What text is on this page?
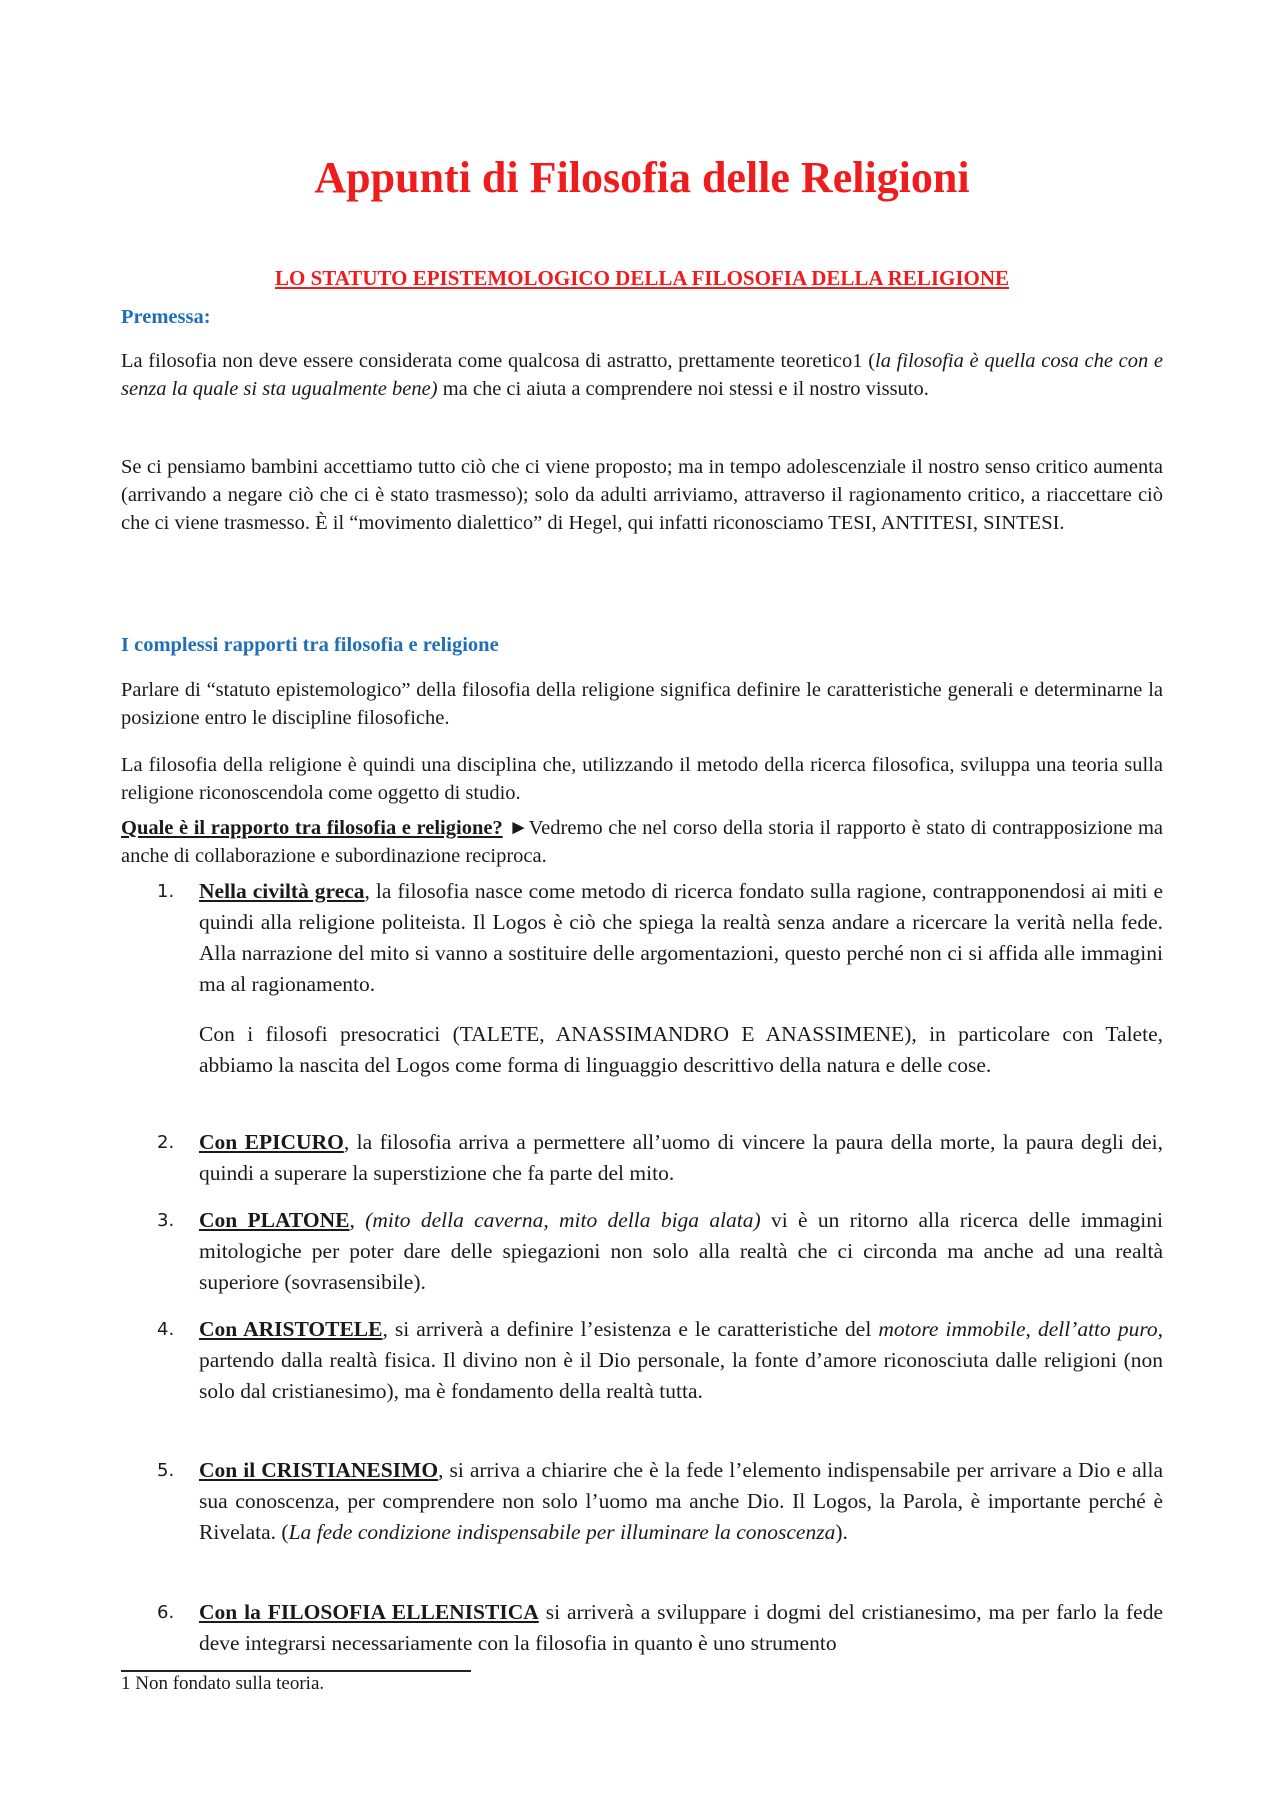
Appunti di Filosofia delle Religioni
LO STATUTO EPISTEMOLOGICO DELLA FILOSOFIA DELLA RELIGIONE
Premessa:

La filosofia non deve essere considerata come qualcosa di astratto, prettamente teoretico1 (la filosofia è quella cosa che con e senza la quale si sta ugualmente bene) ma che ci aiuta a comprendere noi stessi e il nostro vissuto.

Se ci pensiamo bambini accettiamo tutto ciò che ci viene proposto; ma in tempo adolescenziale il nostro senso critico aumenta (arrivando a negare ciò che ci è stato trasmesso); solo da adulti arriviamo, attraverso il ragionamento critico, a riaccettare ciò che ci viene trasmesso. È il “movimento dialettico” di Hegel, qui infatti riconosciamo TESI, ANTITESI, SINTESI.

I complessi rapporti tra filosofia e religione

Parlare di “statuto epistemologico” della filosofia della religione significa definire le caratteristiche generali e determinarne la posizione entro le discipline filosofiche.

La filosofia della religione è quindi una disciplina che, utilizzando il metodo della ricerca filosofica, sviluppa una teoria sulla religione riconoscendola come oggetto di studio.

Quale è il rapporto tra filosofia e religione? ►Vedremo che nel corso della storia il rapporto è stato di contrapposizione ma anche di collaborazione e subordinazione reciproca.

1. Nella civiltà greca, la filosofia nasce come metodo di ricerca fondato sulla ragione, contrapponendosi ai miti e quindi alla religione politeista. Il Logos è ciò che spiega la realtà senza andare a ricercare la verità nella fede. Alla narrazione del mito si vanno a sostituire delle argomentazioni, questo perché non ci si affida alle immagini ma al ragionamento.
Con i filosofi presocratici (TALETE, ANASSIMANDRO E ANASSIMENE), in particolare con Talete, abbiamo la nascita del Logos come forma di linguaggio descrittivo della natura e delle cose.
2. Con EPICURO, la filosofia arriva a permettere all’uomo di vincere la paura della morte, la paura degli dei, quindi a superare la superstizione che fa parte del mito.
3. Con PLATONE, (mito della caverna, mito della biga alata) vi è un ritorno alla ricerca delle immagini mitologiche per poter dare delle spiegazioni non solo alla realtà che ci circonda ma anche ad una realtà superiore (sovrasensibile).
4. Con ARISTOTELE, si arriverà a definire l’esistenza e le caratteristiche del motore immobile, dell’atto puro, partendo dalla realtà fisica. Il divino non è il Dio personale, la fonte d’amore riconosciuta dalle religioni (non solo dal cristianesimo), ma è fondamento della realtà tutta.
5. Con il CRISTIANESIMO, si arriva a chiarire che è la fede l’elemento indispensabile per arrivare a Dio e alla sua conoscenza, per comprendere non solo l’uomo ma anche Dio. Il Logos, la Parola, è importante perché è Rivelata. (La fede condizione indispensabile per illuminare la conoscenza).
6. Con la FILOSOFIA ELLENISTICA si arriverà a sviluppare i dogmi del cristianesimo, ma per farlo la fede deve integrarsi necessariamente con la filosofia in quanto è uno strumento

1 Non fondato sulla teoria.
